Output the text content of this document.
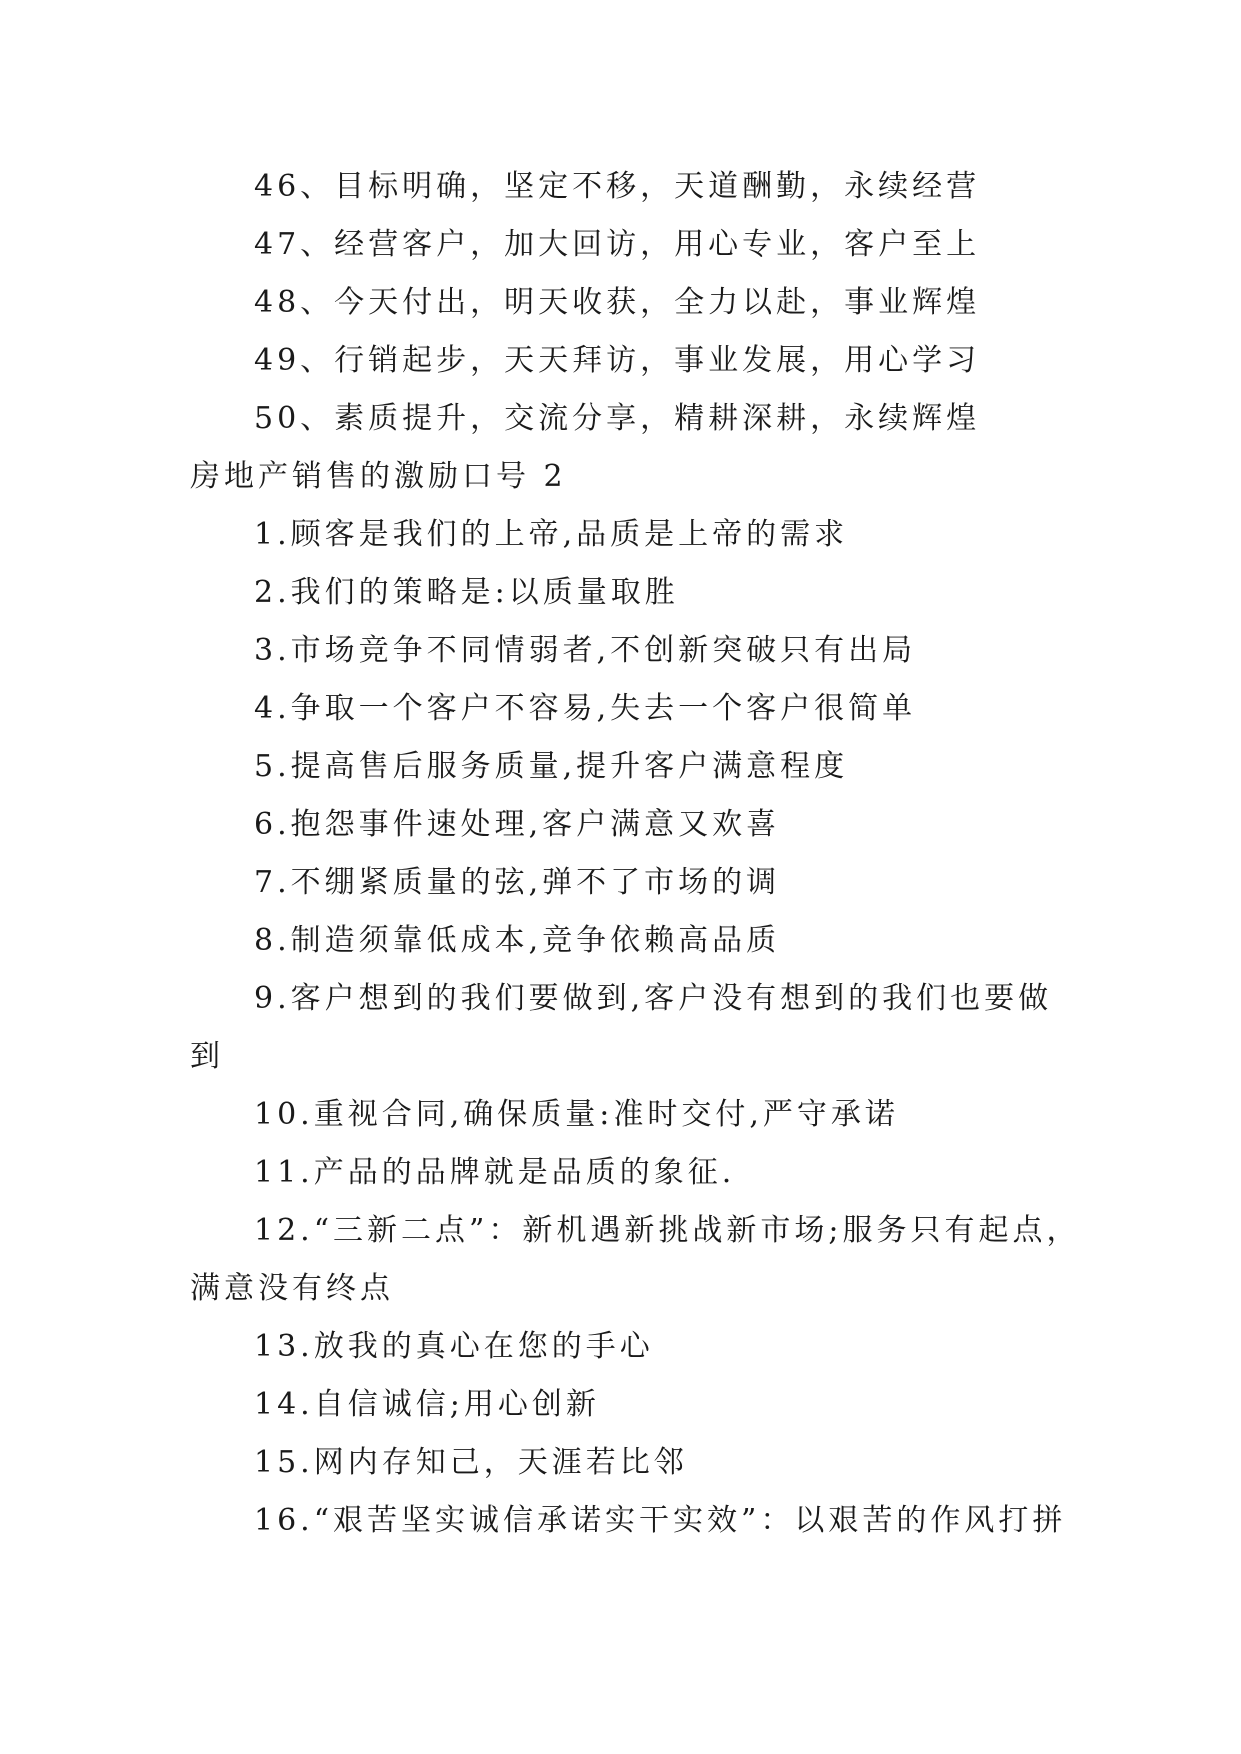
46、目标明确，坚定不移，天道酬勤，永续经营
47、经营客户，加大回访，用心专业，客户至上
48、今天付出，明天收获，全力以赴，事业辉煌
49、行销起步，天天拜访，事业发展，用心学习
50、素质提升，交流分享，精耕深耕，永续辉煌
房地产销售的激励口号 2
1.顾客是我们的上帝,品质是上帝的需求
2.我们的策略是:以质量取胜
3.市场竞争不同情弱者,不创新突破只有出局
4.争取一个客户不容易,失去一个客户很简单
5.提高售后服务质量,提升客户满意程度
6.抱怨事件速处理,客户满意又欢喜
7.不绷紧质量的弦,弹不了市场的调
8.制造须靠低成本,竞争依赖高品质
9.客户想到的我们要做到,客户没有想到的我们也要做
到
10.重视合同,确保质量:准时交付,严守承诺
11.产品的品牌就是品质的象征.
12.“三新二点”：新机遇新挑战新市场;服务只有起点，
满意没有终点
13.放我的真心在您的手心
14.自信诚信;用心创新
15.网内存知己，天涯若比邻
16.“艰苦坚实诚信承诺实干实效”：以艰苦的作风打拼
